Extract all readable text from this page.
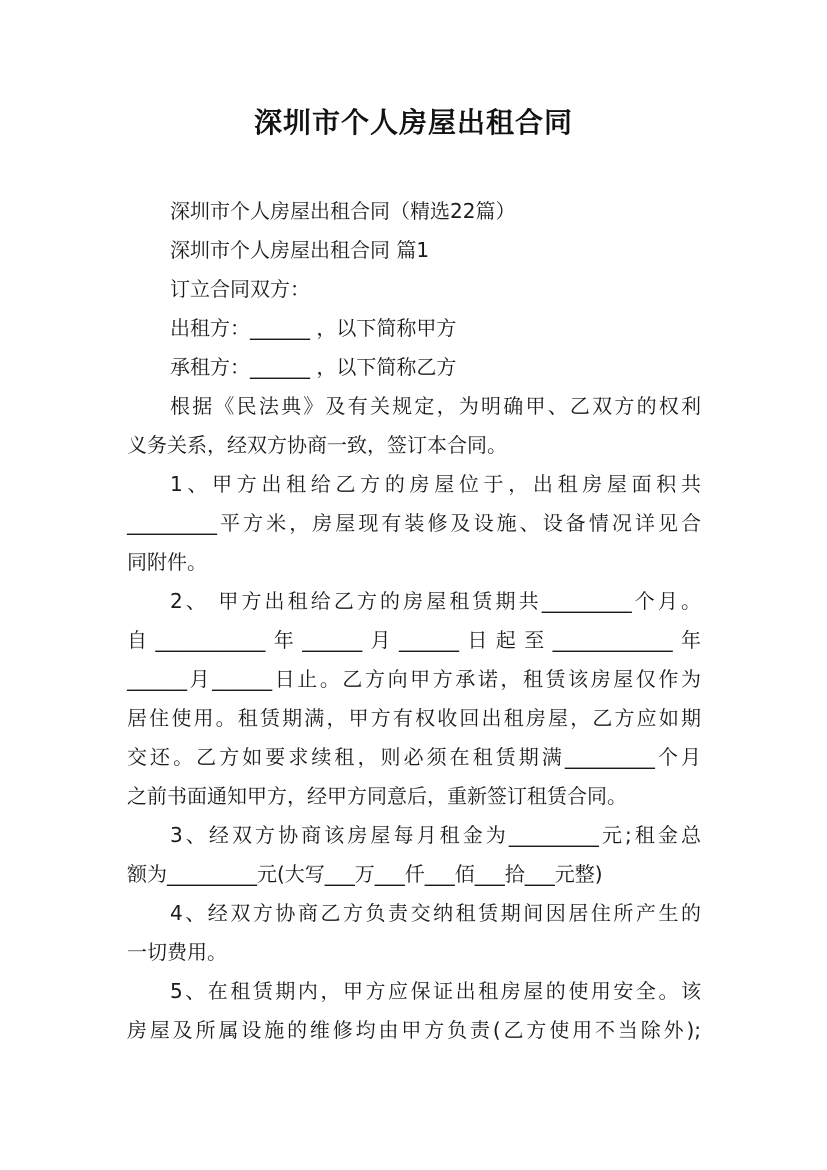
深圳市个人房屋出租合同
深圳市个人房屋出租合同（精选22篇）
深圳市个人房屋出租合同 篇1
订立合同双方：
出租方：______ ，以下简称甲方
承租方：______ ，以下简称乙方
根据《民法典》及有关规定，为明确甲、乙双方的权利
义务关系，经双方协商一致，签订本合同。
1、甲方出租给乙方的房屋位于，出租房屋面积共
_________平方米，房屋现有装修及设施、设备情况详见合
同附件。
2、 甲方出租给乙方的房屋租赁期共_________个月。
自___________年______月______日起至____________年
______月______日止。乙方向甲方承诺，租赁该房屋仅作为
居住使用。租赁期满，甲方有权收回出租房屋，乙方应如期
交还。乙方如要求续租，则必须在租赁期满_________个月
之前书面通知甲方，经甲方同意后，重新签订租赁合同。
3、经双方协商该房屋每月租金为_________元;租金总
额为_________元(大写___万___仟___佰___拾___元整)
4、经双方协商乙方负责交纳租赁期间因居住所产生的
一切费用。
5、在租赁期内，甲方应保证出租房屋的使用安全。该
房屋及所属设施的维修均由甲方负责(乙方使用不当除外);
